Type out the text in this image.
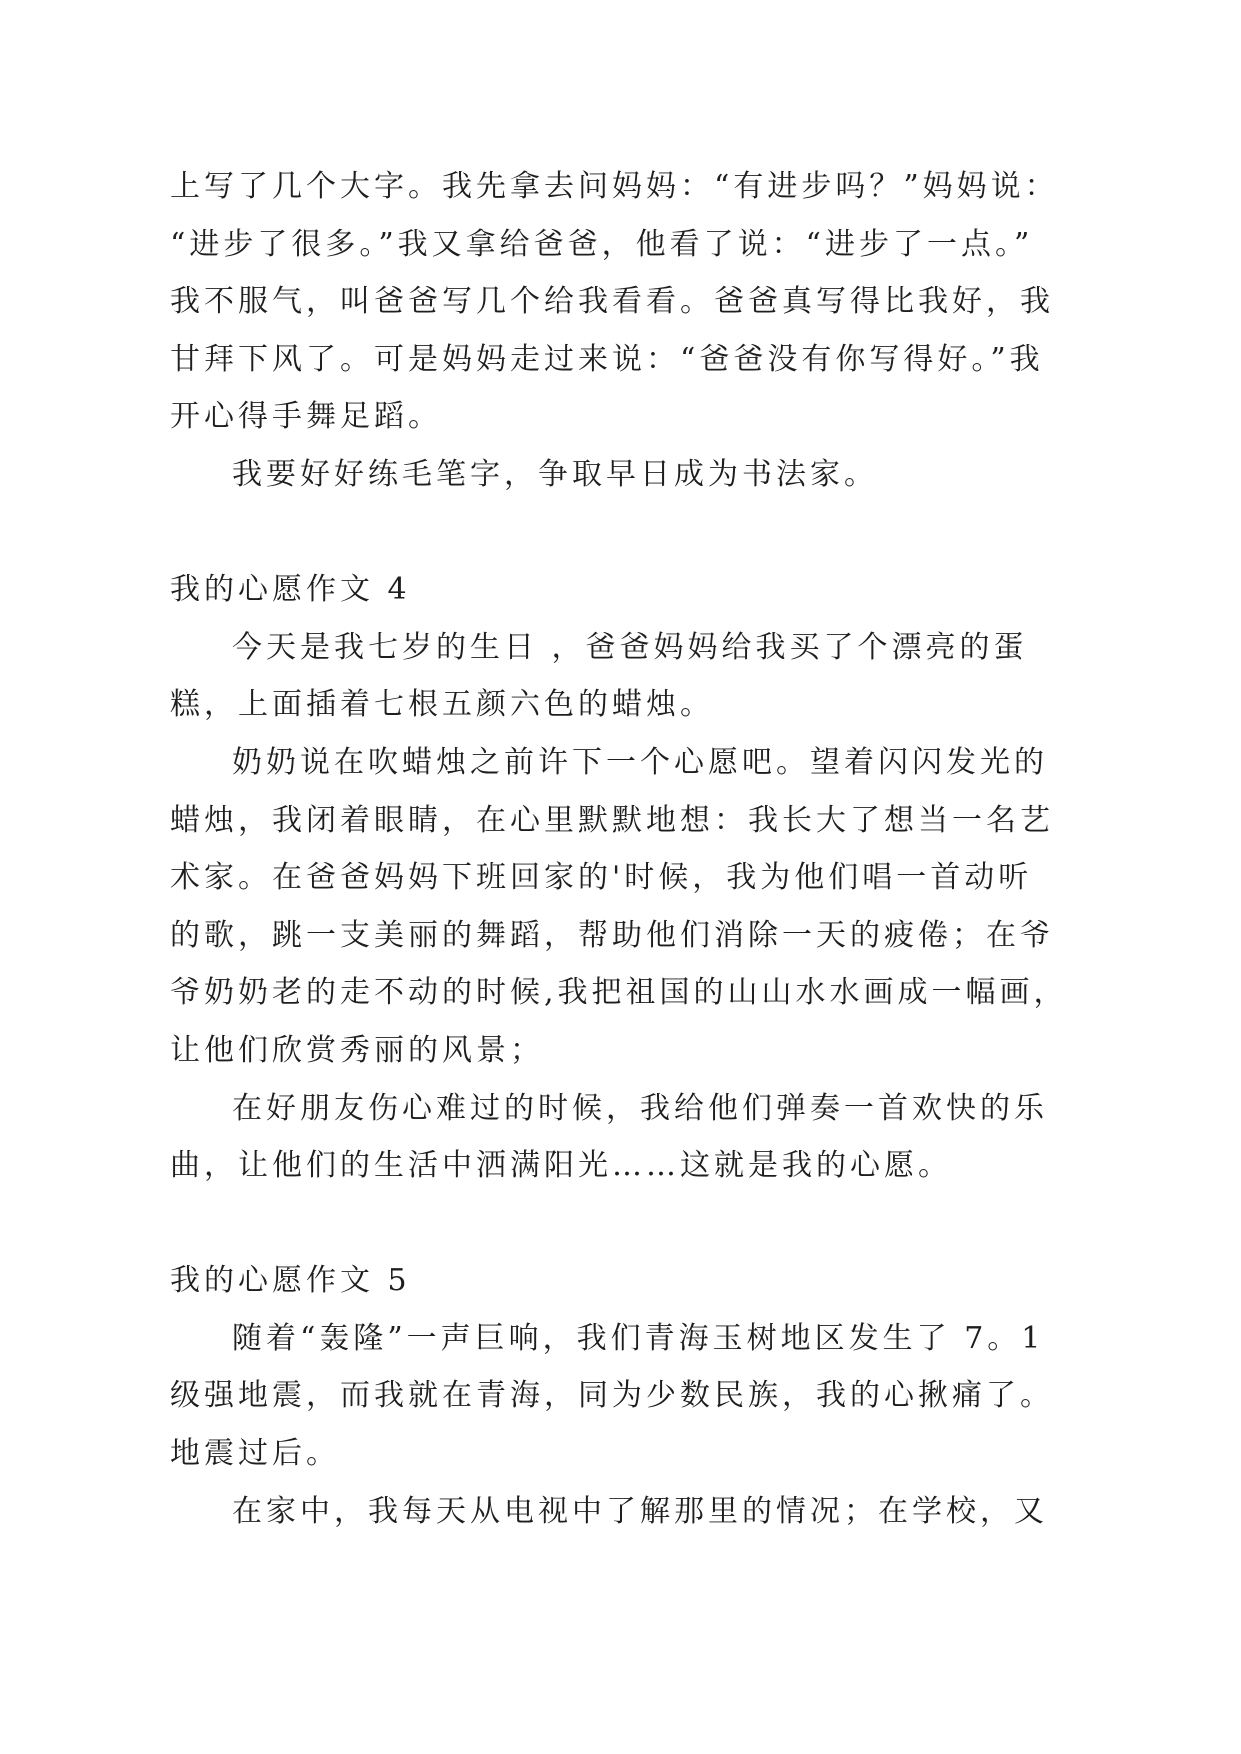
上写了几个大字。我先拿去问妈妈：“有进步吗？”妈妈说：
“进步了很多。”我又拿给爸爸，他看了说：“进步了一点。”
我不服气，叫爸爸写几个给我看看。爸爸真写得比我好，我
甘拜下风了。可是妈妈走过来说：“爸爸没有你写得好。”我
开心得手舞足蹈。
我要好好练毛笔字，争取早日成为书法家。
我的心愿作文 4
今天是我七岁的生日 ，爸爸妈妈给我买了个漂亮的蛋
糕，上面插着七根五颜六色的蜡烛。
奶奶说在吹蜡烛之前许下一个心愿吧。望着闪闪发光的
蜡烛，我闭着眼睛，在心里默默地想：我长大了想当一名艺
术家。在爸爸妈妈下班回家的'时候，我为他们唱一首动听
的歌，跳一支美丽的舞蹈，帮助他们消除一天的疲倦；在爷
爷奶奶老的走不动的时候,我把祖国的山山水水画成一幅画，
让他们欣赏秀丽的风景；
在好朋友伤心难过的时候，我给他们弹奏一首欢快的乐
曲，让他们的生活中洒满阳光……这就是我的心愿。
我的心愿作文 5
随着“轰隆”一声巨响，我们青海玉树地区发生了 7。1
级强地震，而我就在青海，同为少数民族，我的心揪痛了。
地震过后。
在家中，我每天从电视中了解那里的情况；在学校，又
